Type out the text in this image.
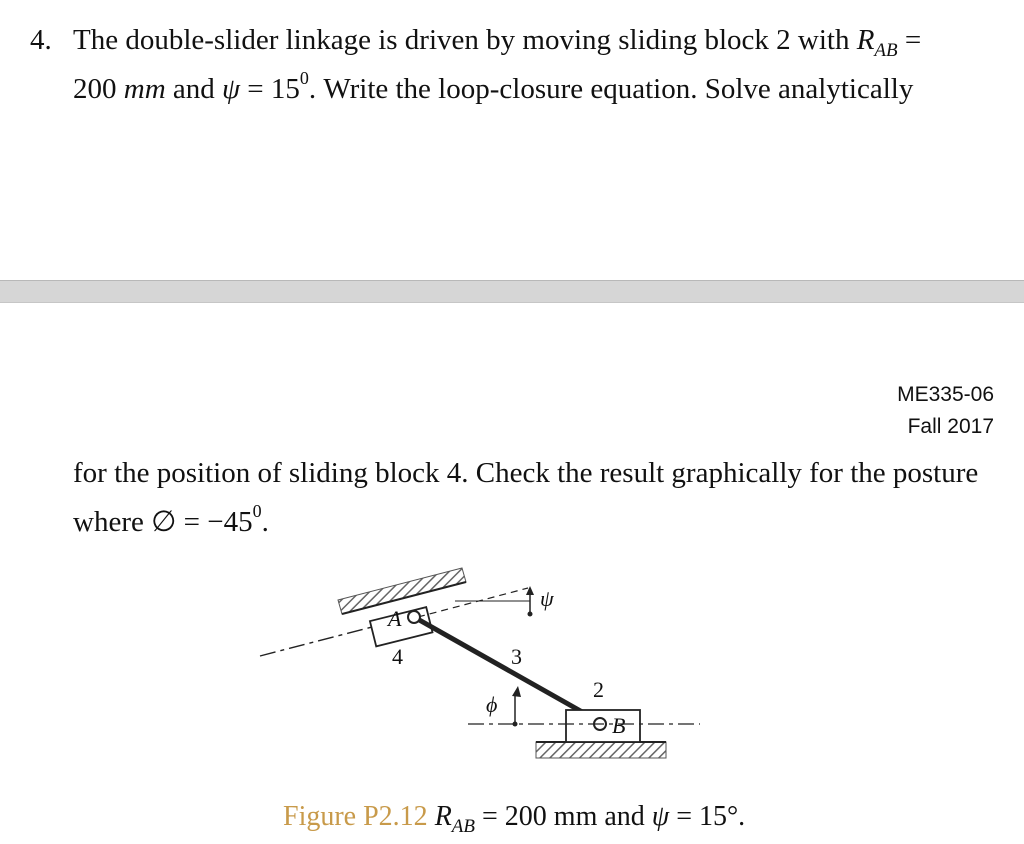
4. The double-slider linkage is driven by moving sliding block 2 with $R_{AB}$ =
200 mm and $\psi = 15^0$. Write the loop-closure equation. Solve analytically
ME335-06
Fall 2017
for the position of sliding block 4. Check the result graphically for the posture
where ∅ = $-45^0$.
ψ
A
4	3
2
B
ϕ
Figure P2.12 $R_{AB} = 200$ mm and ψ = 15°.
